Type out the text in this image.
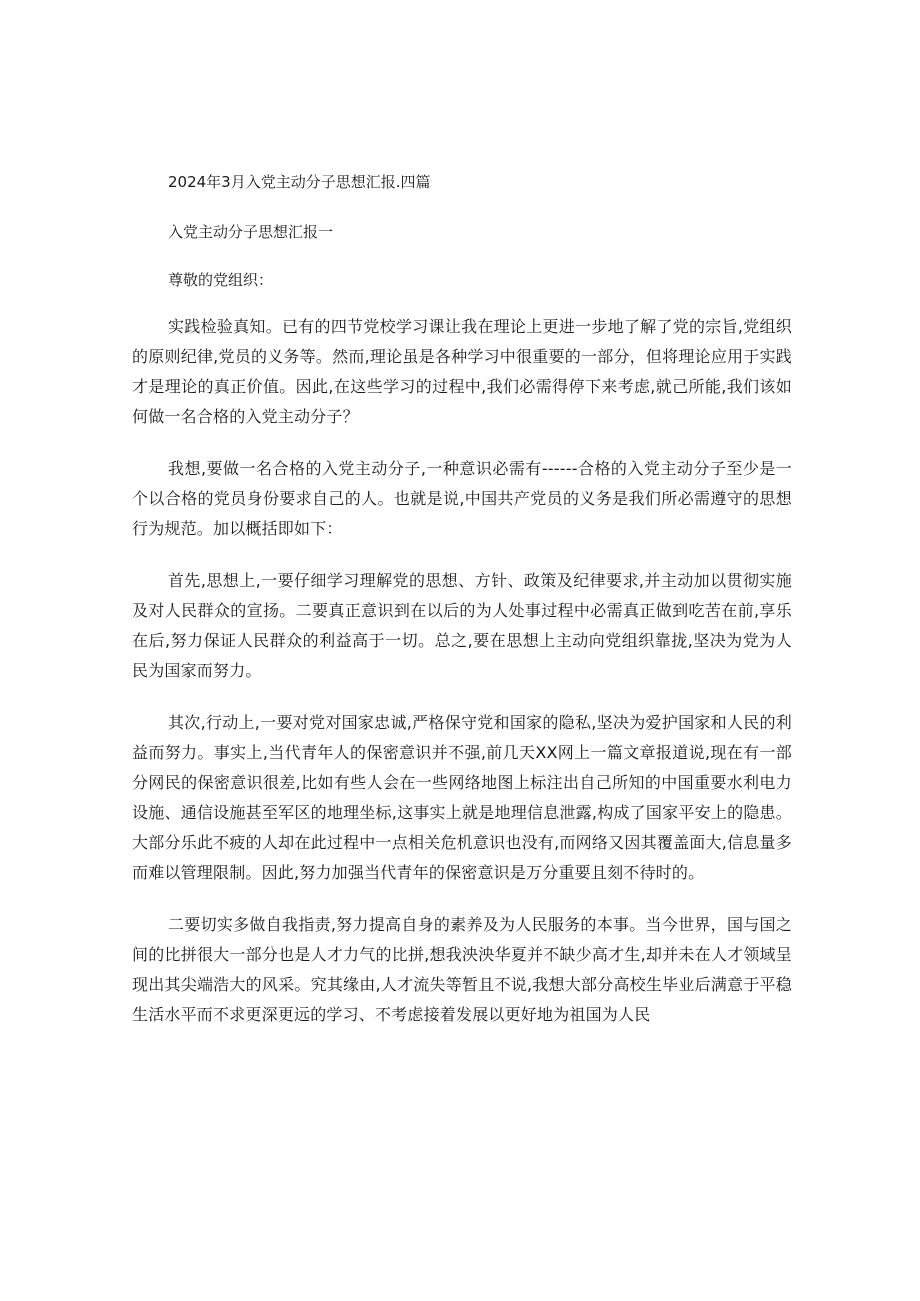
2024年3月入党主动分子思想汇报.四篇
入党主动分子思想汇报一
尊敬的党组织：

实践检验真知。已有的四节党校学习课让我在理论上更进一步地了解了党的宗旨,党组织的原则纪律,党员的义务等。然而,理论虽是各种学习中很重要的一部分，但将理论应用于实践才是理论的真正价值。因此,在这些学习的过程中,我们必需得停下来考虑,就己所能,我们该如何做一名合格的入党主动分子？

我想,要做一名合格的入党主动分子,一种意识必需有------合格的入党主动分子至少是一个以合格的党员身份要求自己的人。也就是说,中国共产党员的义务是我们所必需遵守的思想行为规范。加以概括即如下：

首先,思想上,一要仔细学习理解党的思想、方针、政策及纪律要求,并主动加以贯彻实施及对人民群众的宣扬。二要真正意识到在以后的为人处事过程中必需真正做到吃苦在前,享乐在后,努力保证人民群众的利益高于一切。总之,要在思想上主动向党组织靠拢,坚决为党为人民为国家而努力。

其次,行动上,一要对党对国家忠诚,严格保守党和国家的隐私,坚决为爱护国家和人民的利益而努力。事实上,当代青年人的保密意识并不强,前几天XX网上一篇文章报道说,现在有一部分网民的保密意识很差,比如有些人会在一些网络地图上标注出自己所知的中国重要水利电力设施、通信设施甚至军区的地理坐标,这事实上就是地理信息泄露,构成了国家平安上的隐患。大部分乐此不疲的人却在此过程中一点相关危机意识也没有,而网络又因其覆盖面大,信息量多而难以管理限制。因此,努力加强当代青年的保密意识是万分重要且刻不待时的。

二要切实多做自我指责,努力提高自身的素养及为人民服务的本事。当今世界，国与国之间的比拼很大一部分也是人才力气的比拼,想我泱泱华夏并不缺少高才生,却并未在人才领域呈现出其尖端浩大的风采。究其缘由,人才流失等暂且不说,我想大部分高校生毕业后满意于平稳生活水平而不求更深更远的学习、不考虑接着发展以更好地为祖国为人民
